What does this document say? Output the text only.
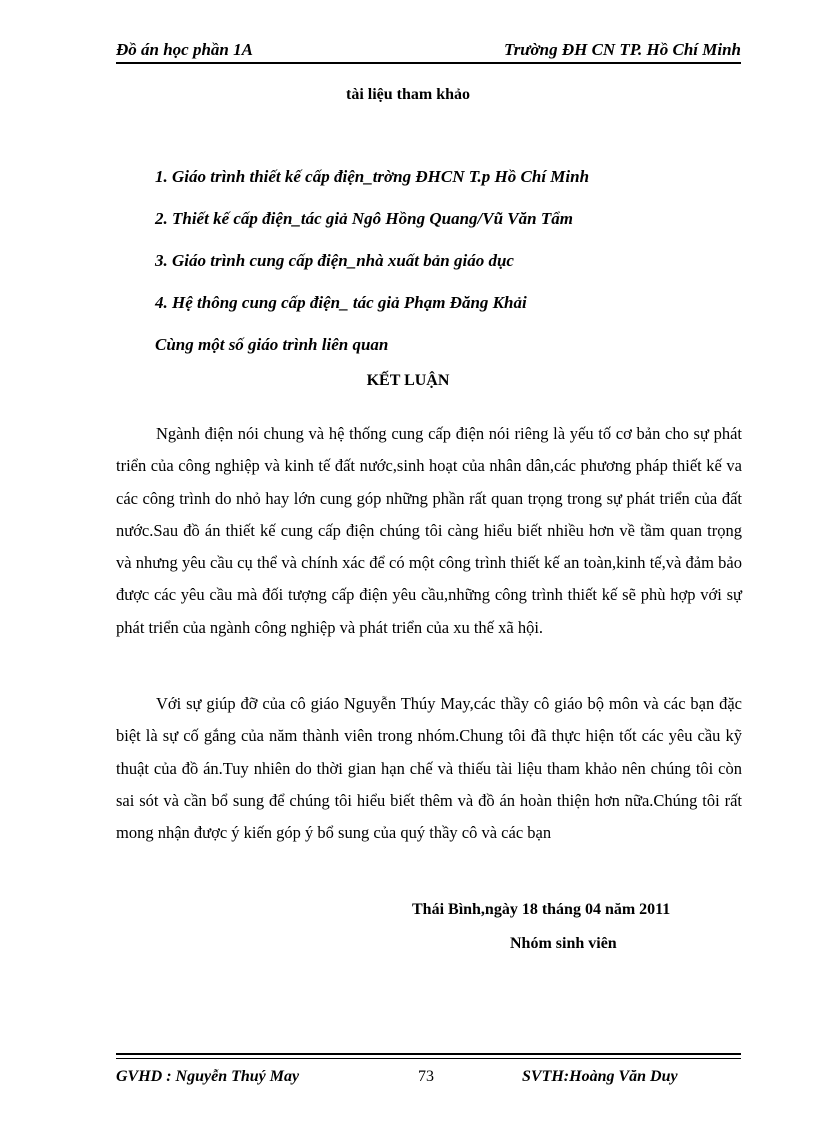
Đồ án học phần 1A	Trường ĐH CN TP. Hồ Chí Minh
tài liệu tham khảo
1. Giáo trình thiết kế cấp điện_trờng ĐHCN T.p Hồ Chí Minh
2. Thiết kế cấp điện_tác giả Ngô Hồng Quang/Vũ Văn Tẩm
3. Giáo trình cung cấp điện_nhà xuất bản giáo dục
4. Hệ thông cung cấp điện_ tác giả Phạm Đăng Khải
Cùng một số giáo trình liên quan
KẾT LUẬN
Ngành điện nói chung và hệ thống cung cấp điện nói riêng là yếu tố cơ bản cho sự phát triển của công nghiệp và kinh tế đất nước,sinh hoạt của nhân dân,các phương pháp thiết kế va các công trình do nhỏ hay lớn cung góp những phần rất quan trọng trong sự phát triển của đất nước.Sau đồ án thiết kế cung cấp điện chúng tôi càng hiểu biết nhiều hơn về tầm quan trọng và nhưng yêu cầu cụ thể và chính xác để có một công trình thiết kế an toàn,kinh tế,và đảm bảo được các yêu cầu mà đối tượng cấp điện yêu cầu,những công trình thiết kế sẽ phù hợp với sự phát triển của ngành công nghiệp và phát triển của xu thế xã hội.
Với sự giúp đỡ của cô giáo Nguyễn Thúy May,các thầy cô giáo bộ môn và các bạn đặc biệt là sự cố gắng của năm thành viên trong nhóm.Chung tôi đã thực hiện tốt các yêu cầu kỹ thuật của đồ án.Tuy nhiên do thời gian hạn chế và thiếu tài liệu tham khảo nên chúng tôi còn sai sót và cần bổ sung để chúng tôi hiểu biết thêm và đồ án hoàn thiện hơn nữa.Chúng tôi rất mong nhận được ý kiến góp ý bổ sung của quý thầy cô và các bạn
Thái Bình,ngày 18 tháng 04 năm 2011
Nhóm sinh viên
GVHD : Nguyễn Thuý May	73	SVTH:Hoàng Văn Duy
